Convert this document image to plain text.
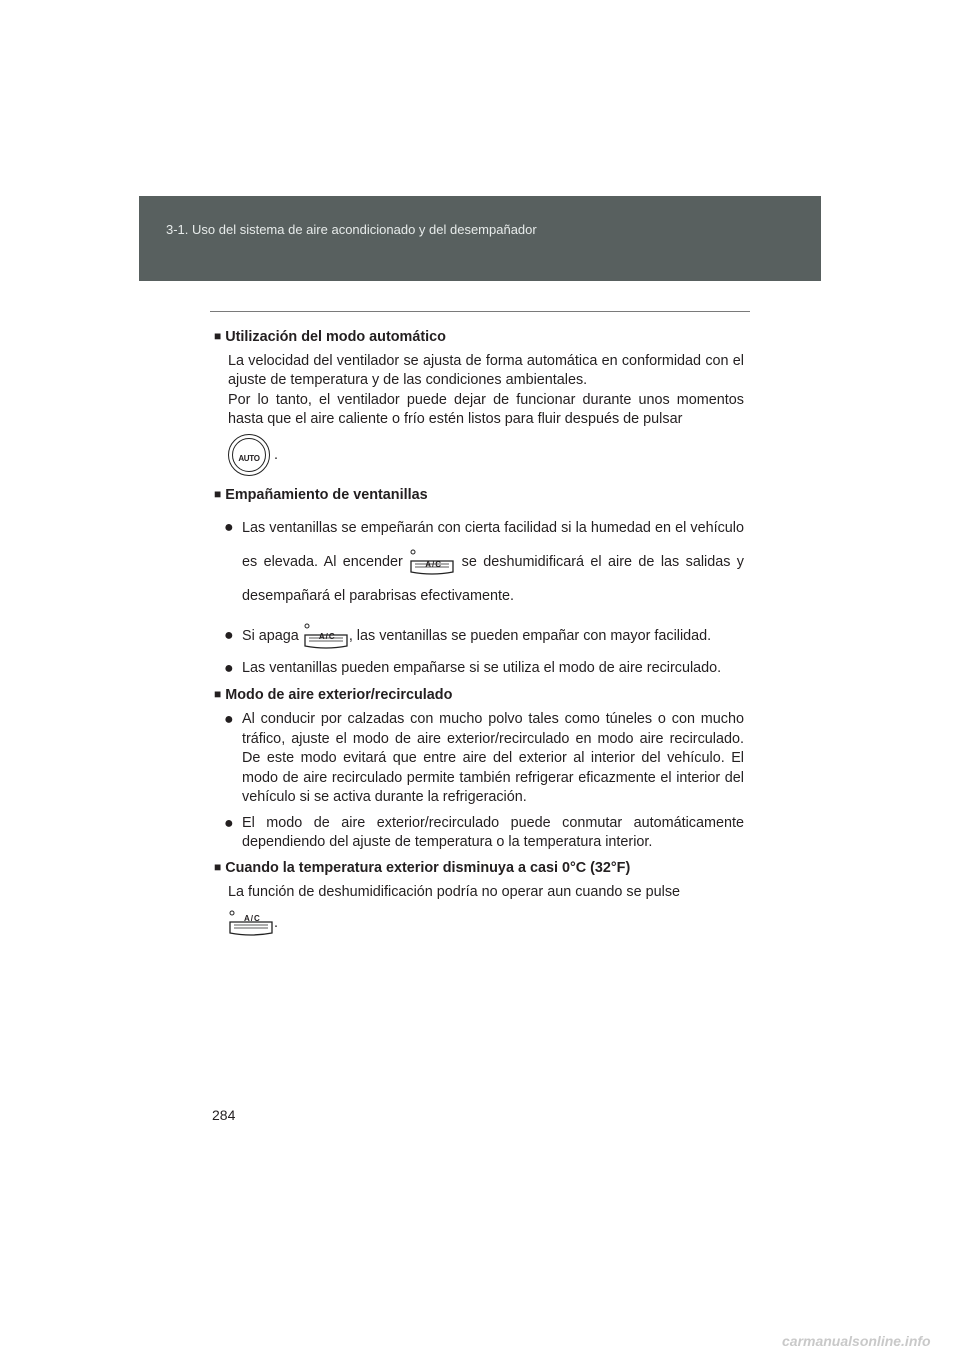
3-1. Uso del sistema de aire acondicionado y del desempañador
■ Utilización del modo automático
La velocidad del ventilador se ajusta de forma automática en conformidad con el ajuste de temperatura y de las condiciones ambientales.
Por lo tanto, el ventilador puede dejar de funcionar durante unos momentos hasta que el aire caliente o frío estén listos para fluir después de pulsar
AUTO .
■ Empañamiento de ventanillas
● Las ventanillas se empeñarán con cierta facilidad si la humedad en el vehículo es elevada. Al encender	A/C se deshumidificará el aire de las salidas y desempañará el parabrisas efectivamente.
● Si apaga	A/C , las ventanillas se pueden empañar con mayor facilidad.
● Las ventanillas pueden empañarse si se utiliza el modo de aire recirculado.
■ Modo de aire exterior/recirculado
● Al conducir por calzadas con mucho polvo tales como túneles o con mucho tráfico, ajuste el modo de aire exterior/recirculado en modo aire recirculado. De este modo evitará que entre aire del exterior al interior del vehículo. El modo de aire recirculado permite también refrigerar eficazmente el interior del vehículo si se activa durante la refrigeración.
● El modo de aire exterior/recirculado puede conmutar automáticamente dependiendo del ajuste de temperatura o la temperatura interior.
■ Cuando la temperatura exterior disminuya a casi 0°C (32°F)
La función de deshumidificación podría no operar aun cuando se pulse
A/C .
284
carmanualsonline.info
